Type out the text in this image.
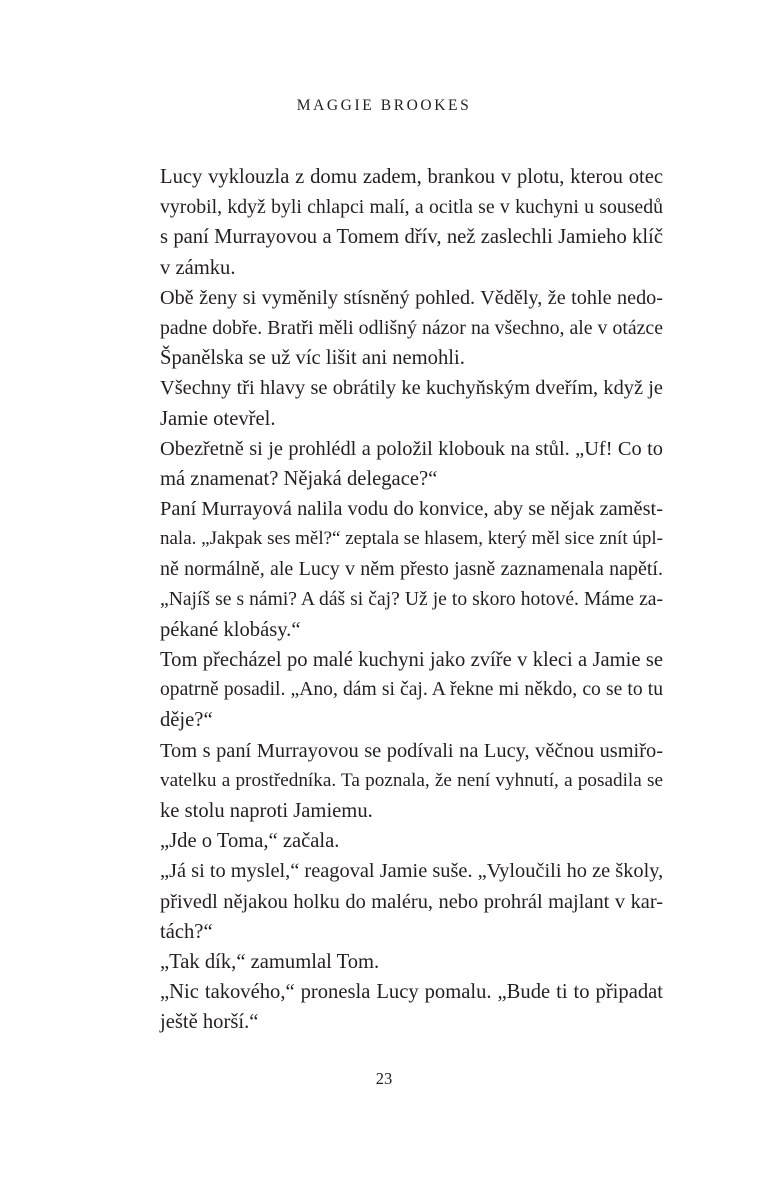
MAGGIE BROOKES
Lucy vyklouzla z domu zadem, brankou v plotu, kterou otec
vyrobil, když byli chlapci malí, a ocitla se v kuchyni u sousedů
s paní Murrayovou a Tomem dřív, než zaslechli Jamieho klíč
v zámku.
Obě ženy si vyměnily stísněný pohled. Věděly, že tohle nedo-
padne dobře. Bratři měli odlišný názor na všechno, ale v otázce
Španělska se už víc lišit ani nemohli.
Všechny tři hlavy se obrátily ke kuchyňským dveřím, když je
Jamie otevřel.
Obezřetně si je prohlédl a položil klobouk na stůl. „Uf! Co to
má znamenat? Nějaká delegace?“
Paní Murrayová nalila vodu do konvice, aby se nějak zaměst-
nala. „Jakpak ses měl?“ zeptala se hlasem, který měl sice znít úpl-
ně normálně, ale Lucy v něm přesto jasně zaznamenala napětí.
„Najíš se s námi? A dáš si čaj? Už je to skoro hotové. Máme za-
pékané klobásy.“
Tom přecházel po malé kuchyni jako zvíře v kleci a Jamie se
opatrně posadil. „Ano, dám si čaj. A řekne mi někdo, co se to tu
děje?“
Tom s paní Murrayovou se podívali na Lucy, věčnou usmiřo-
vatelku a prostředníka. Ta poznala, že není vyhnutí, a posadila se
ke stolu naproti Jamiemu.
„Jde o Toma,“ začala.
„Já si to myslel,“ reagoval Jamie suše. „Vyloučili ho ze školy,
přivedl nějakou holku do maléru, nebo prohrál majlant v kar-
tách?“
„Tak dík,“ zamumlal Tom.
„Nic takového,“ pronesla Lucy pomalu. „Bude ti to připadat
ještě horší.“
23
